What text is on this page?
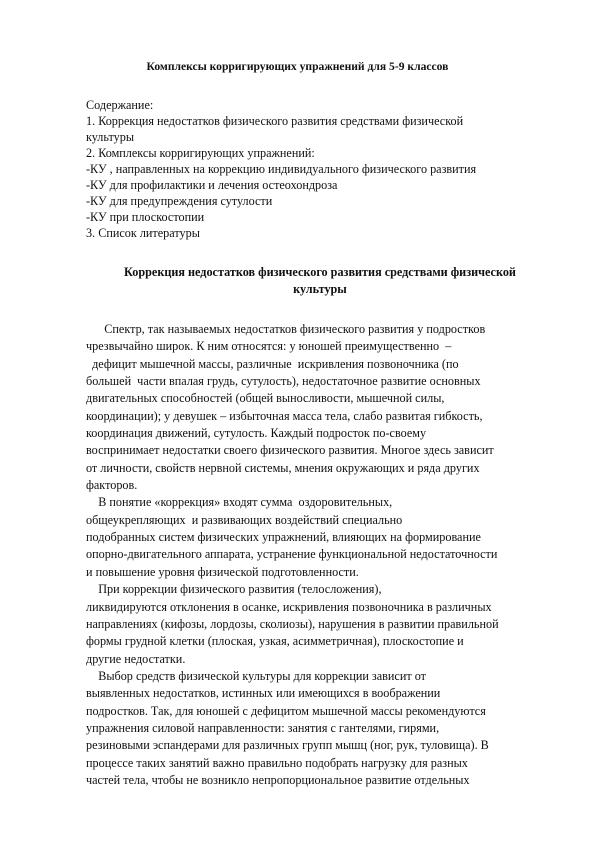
Комплексы корригирующих упражнений для 5-9 классов
Содержание:
1. Коррекция недостатков физического развития средствами физической
культуры
2. Комплексы корригирующих упражнений:
-КУ , направленных на коррекцию индивидуального физического развития
-КУ для профилактики и лечения остеохондроза
-КУ для предупреждения сутулости
-КУ при плоскостопии
3. Список литературы
Коррекция недостатков физического развития средствами физической
культуры
Спектр, так называемых недостатков физического развития у подростков
чрезвычайно широк. К ним относятся: у юношей преимущественно  –
дефицит мышечной массы, различные  искривления позвоночника (по
большей  части впалая грудь, сутулость), недостаточное развитие основных
двигательных способностей (общей выносливости, мышечной силы,
координации); у девушек – избыточная масса тела, слабо развитая гибкость,
координация движений, сутулость. Каждый подросток по-своему
воспринимает недостатки своего физического развития. Многое здесь зависит
от личности, свойств нервной системы, мнения окружающих и ряда других
факторов.
В понятие «коррекция» входят сумма  оздоровительных,
общеукрепляющих  и развивающих воздействий специально
подобранных систем физических упражнений, влияющих на формирование
опорно-двигательного аппарата, устранение функциональной недостаточности
и повышение уровня физической подготовленности.
При коррекции физического развития (телосложения),
ликвидируются отклонения в осанке, искривления позвоночника в различных
направлениях (кифозы, лордозы, сколиозы), нарушения в развитии правильной
формы грудной клетки (плоская, узкая, асимметричная), плоскостопие и
другие недостатки.
Выбор средств физической культуры для коррекции зависит от
выявленных недостатков, истинных или имеющихся в воображении
подростков. Так, для юношей с дефицитом мышечной массы рекомендуются
упражнения силовой направленности: занятия с гантелями, гирями,
резиновыми эспандерами для различных групп мышц (ног, рук, туловища). В
процессе таких занятий важно правильно подобрать нагрузку для разных
частей тела, чтобы не возникло непропорциональное развитие отдельных
